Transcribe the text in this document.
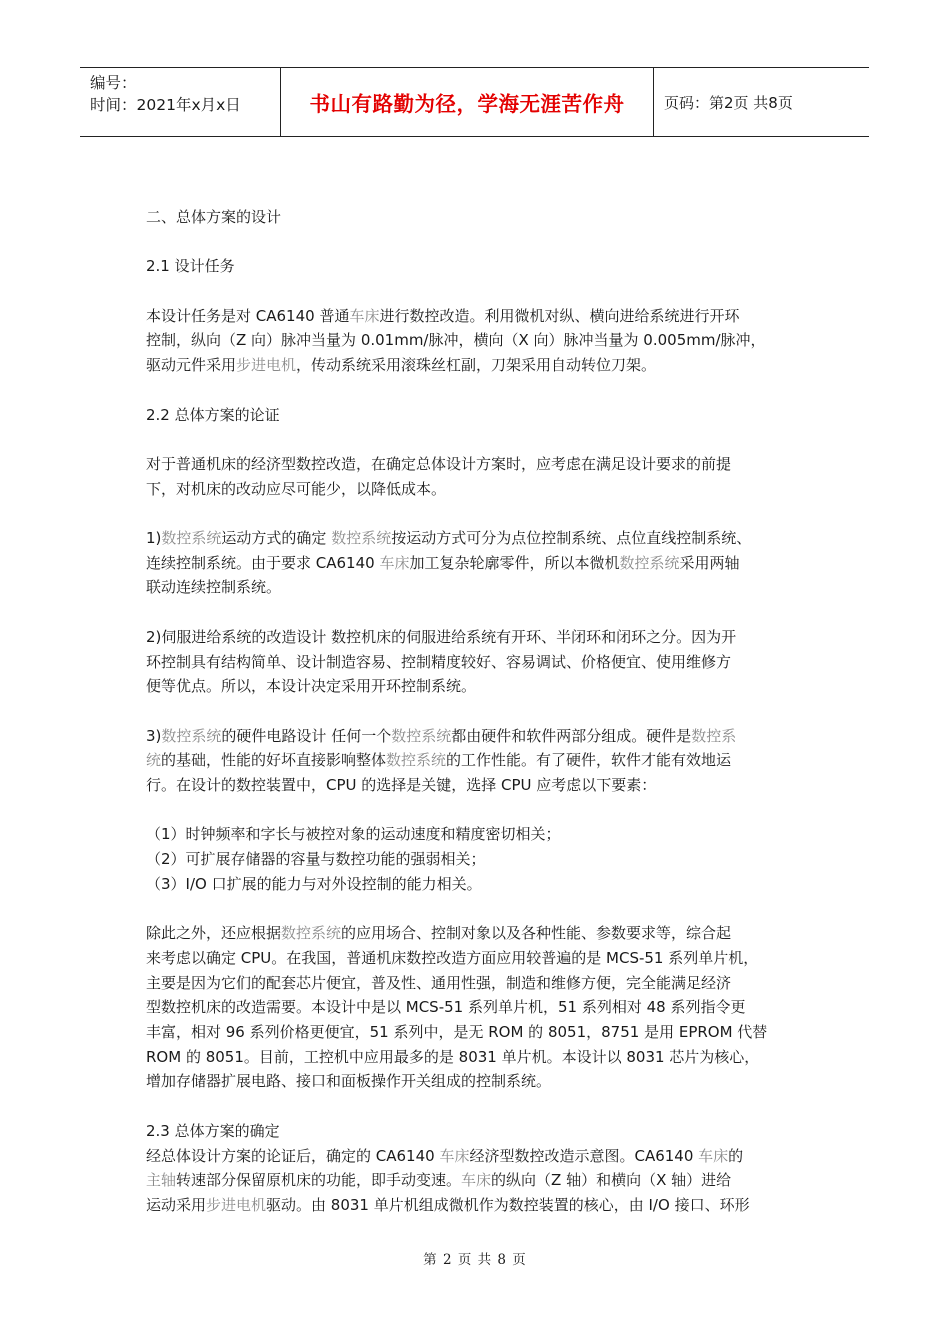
编号：
时间：2021年x月x日	书山有路勤为径，学海无涯苦作舟	页码：第2页 共8页

二、总体方案的设计

2.1 设计任务

本设计任务是对 CA6140 普通车床进行数控改造。利用微机对纵、横向进给系统进行开环

控制，纵向（Z 向）脉冲当量为 0.01mm/脉冲，横向（X 向）脉冲当量为 0.005mm/脉冲，

驱动元件采用步进电机，传动系统采用滚珠丝杠副，刀架采用自动转位刀架。

2.2 总体方案的论证

对于普通机床的经济型数控改造，在确定总体设计方案时，应考虑在满足设计要求的前提

下，对机床的改动应尽可能少，以降低成本。

1)数控系统运动方式的确定 数控系统按运动方式可分为点位控制系统、点位直线控制系统、

连续控制系统。由于要求 CA6140 车床加工复杂轮廓零件，所以本微机数控系统采用两轴

联动连续控制系统。

2)伺服进给系统的改造设计 数控机床的伺服进给系统有开环、半闭环和闭环之分。因为开

环控制具有结构简单、设计制造容易、控制精度较好、容易调试、价格便宜、使用维修方

便等优点。所以，本设计决定采用开环控制系统。

3)数控系统的硬件电路设计 任何一个数控系统都由硬件和软件两部分组成。硬件是数控系

统的基础，性能的好坏直接影响整体数控系统的工作性能。有了硬件，软件才能有效地运

行。在设计的数控装置中，CPU 的选择是关键，选择 CPU 应考虑以下要素：

（1）时钟频率和字长与被控对象的运动速度和精度密切相关；

（2）可扩展存储器的容量与数控功能的强弱相关；

（3）I/O 口扩展的能力与对外设控制的能力相关。

除此之外，还应根据数控系统的应用场合、控制对象以及各种性能、参数要求等，综合起

来考虑以确定 CPU。在我国，普通机床数控改造方面应用较普遍的是 MCS-51 系列单片机，

主要是因为它们的配套芯片便宜，普及性、通用性强，制造和维修方便，完全能满足经济

型数控机床的改造需要。本设计中是以 MCS-51 系列单片机，51 系列相对 48 系列指令更

丰富，相对 96 系列价格更便宜，51 系列中，是无 ROM 的 8051，8751 是用 EPROM 代替

ROM 的 8051。目前，工控机中应用最多的是 8031 单片机。本设计以 8031 芯片为核心，

增加存储器扩展电路、接口和面板操作开关组成的控制系统。

2.3 总体方案的确定

经总体设计方案的论证后，确定的 CA6140 车床经济型数控改造示意图。CA6140 车床的

主轴转速部分保留原机床的功能，即手动变速。车床的纵向（Z 轴）和横向（X 轴）进给

运动采用步进电机驱动。由 8031 单片机组成微机作为数控装置的核心，由 I/O 接口、环形

第 2 页 共 8 页
